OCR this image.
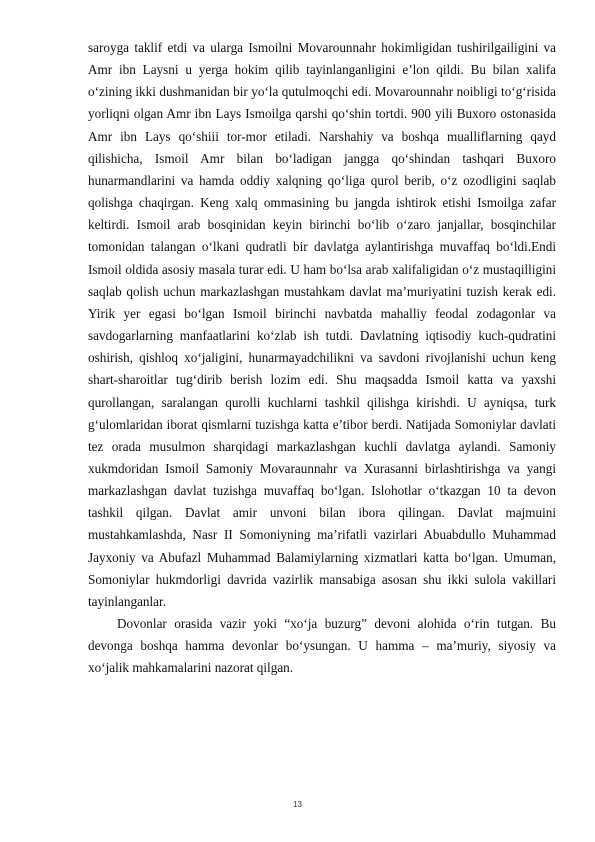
saroyga taklif etdi va ularga Ismoilni Movarounnahr hokimligidan tushirilgailigini va Amr ibn Laysni u yerga hokim qilib tayinlanganligini e’lon qildi. Bu bilan xalifa o‘zining ikki dushmanidan bir yo‘la qutulmoqchi edi. Movarounnahr noibligi to‘g‘risida yorliqni olgan Amr ibn Lays Ismoilga qarshi qo‘shin tortdi. 900 yili Buxoro ostonasida Amr ibn Lays qo‘shiii tor-mor etiladi. Narshahiy va boshqa mualliflarning qayd qilishicha, Ismoil Amr bilan bo‘ladigan jangga qo‘shindan tashqari Buxoro hunarmandlarini va hamda oddiy xalqning qo‘liga qurol berib, o‘z ozodligini saqlab qolishga chaqirgan. Keng xalq ommasining bu jangda ishtirok etishi Ismoilga zafar keltirdi. Ismoil arab bosqinidan keyin birinchi bo‘lib o‘zaro janjallar, bosqinchilar tomonidan talangan o‘lkani qudratli bir davlatga aylantirishga muvaffaq bo‘ldi.Endi Ismoil oldida asosiy masala turar edi. U ham bo‘lsa arab xalifaligidan o‘z mustaqilligini saqlab qolish uchun markazlashgan mustahkam davlat ma’muriyatini tuzish kerak edi. Yirik yer egasi bo‘lgan Ismoil birinchi navbatda mahalliy feodal zodagonlar va savdogarlarning manfaatlarini ko‘zlab ish tutdi. Davlatning iqtisodiy kuch-qudratini oshirish, qishloq xo‘jaligini, hunarmayadchilikni va savdoni rivojlanishi uchun keng shart-sharoitlar tug‘dirib berish lozim edi. Shu maqsadda Ismoil katta va yaxshi qurollangan, saralangan qurolli kuchlarni tashkil qilishga kirishdi. U ayniqsa, turk g‘ulomlaridan iborat qismlarni tuzishga katta e’tibor berdi. Natijada Somoniylar davlati tez orada musulmon sharqidagi markazlashgan kuchli davlatga aylandi. Samoniy xukmdoridan Ismoil Samoniy Movaraunnahr va Xurasanni birlashtirishga va yangi markazlashgan davlat tuzishga muvaffaq bo‘lgan. Islohotlar o‘tkazgan 10 ta devon tashkil qilgan. Davlat amir unvoni bilan ibora qilingan. Davlat majmuini mustahkamlashda, Nasr II Somoniyning ma’rifatli vazirlari Abuabdullo Muhammad Jayxoniy va Abufazl Muhammad Balamiylarning xizmatlari katta bo‘lgan. Umuman, Somoniylar hukmdorligi davrida vazirlik mansabiga asosan shu ikki sulola vakillari tayinlanganlar.

Dovonlar orasida vazir yoki “xo‘ja buzurg” devoni alohida o‘rin tutgan. Bu devonga boshqa hamma devonlar bo‘ysungan. U hamma – ma’muriy, siyosiy va xo‘jalik mahkamalarini nazorat qilgan.

13
